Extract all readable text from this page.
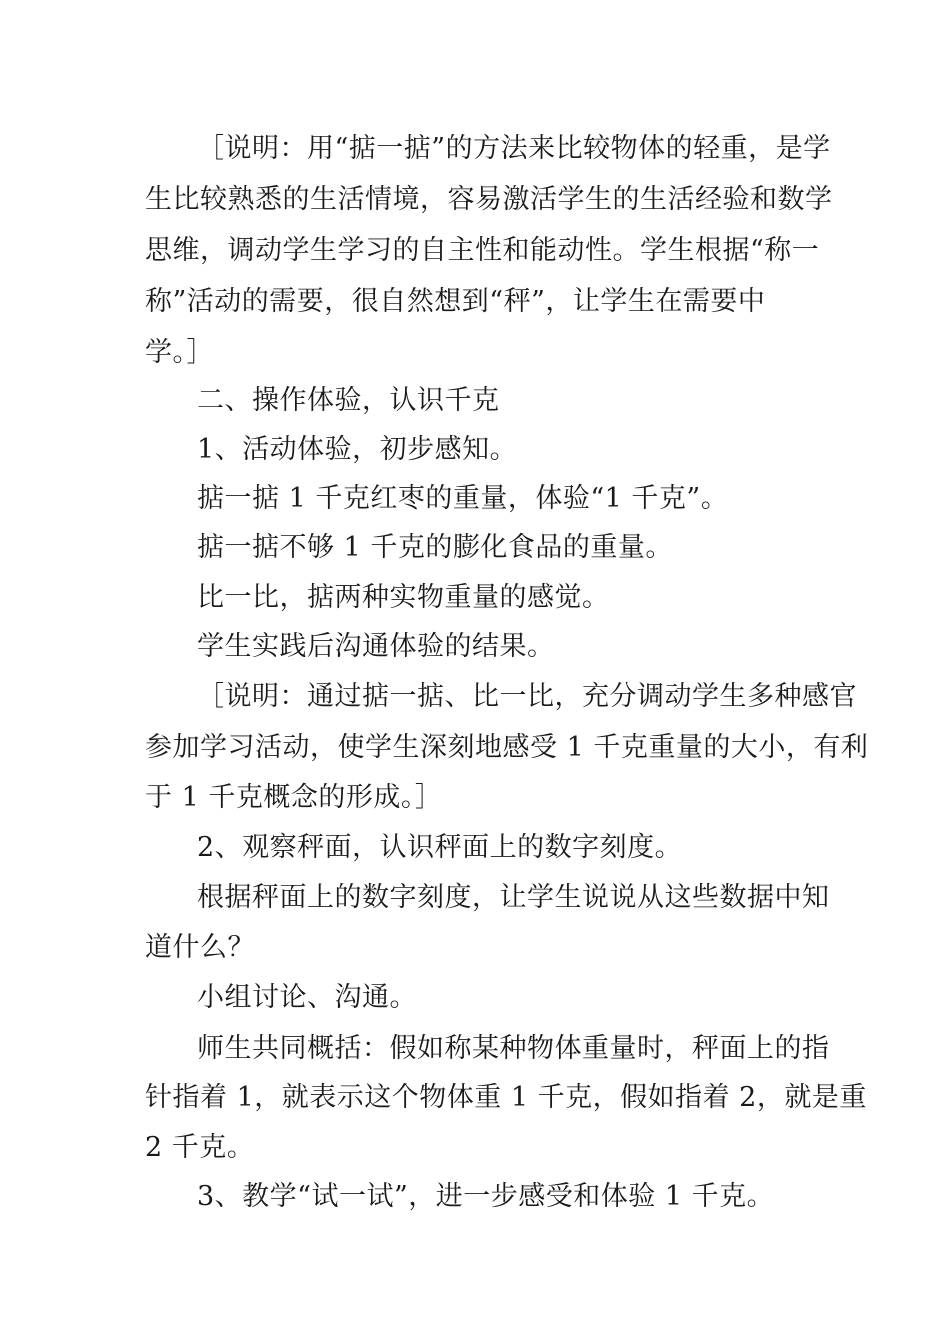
［说明：用“掂一掂”的方法来比较物体的轻重，是学
生比较熟悉的生活情境，容易激活学生的生活经验和数学
思维，调动学生学习的自主性和能动性。学生根据“称一
称”活动的需要，很自然想到“秤”，让学生在需要中
学。］
二、操作体验，认识千克
1、活动体验，初步感知。
掂一掂 1 千克红枣的重量，体验“1 千克”。
掂一掂不够 1 千克的膨化食品的重量。
比一比，掂两种实物重量的感觉。
学生实践后沟通体验的结果。
［说明：通过掂一掂、比一比，充分调动学生多种感官
参加学习活动，使学生深刻地感受 1 千克重量的大小，有利
于 1 千克概念的形成。］
2、观察秤面，认识秤面上的数字刻度。
根据秤面上的数字刻度，让学生说说从这些数据中知
道什么？
小组讨论、沟通。
师生共同概括：假如称某种物体重量时，秤面上的指
针指着 1，就表示这个物体重 1 千克，假如指着 2，就是重
2 千克。
3、教学“试一试”，进一步感受和体验 1 千克。
